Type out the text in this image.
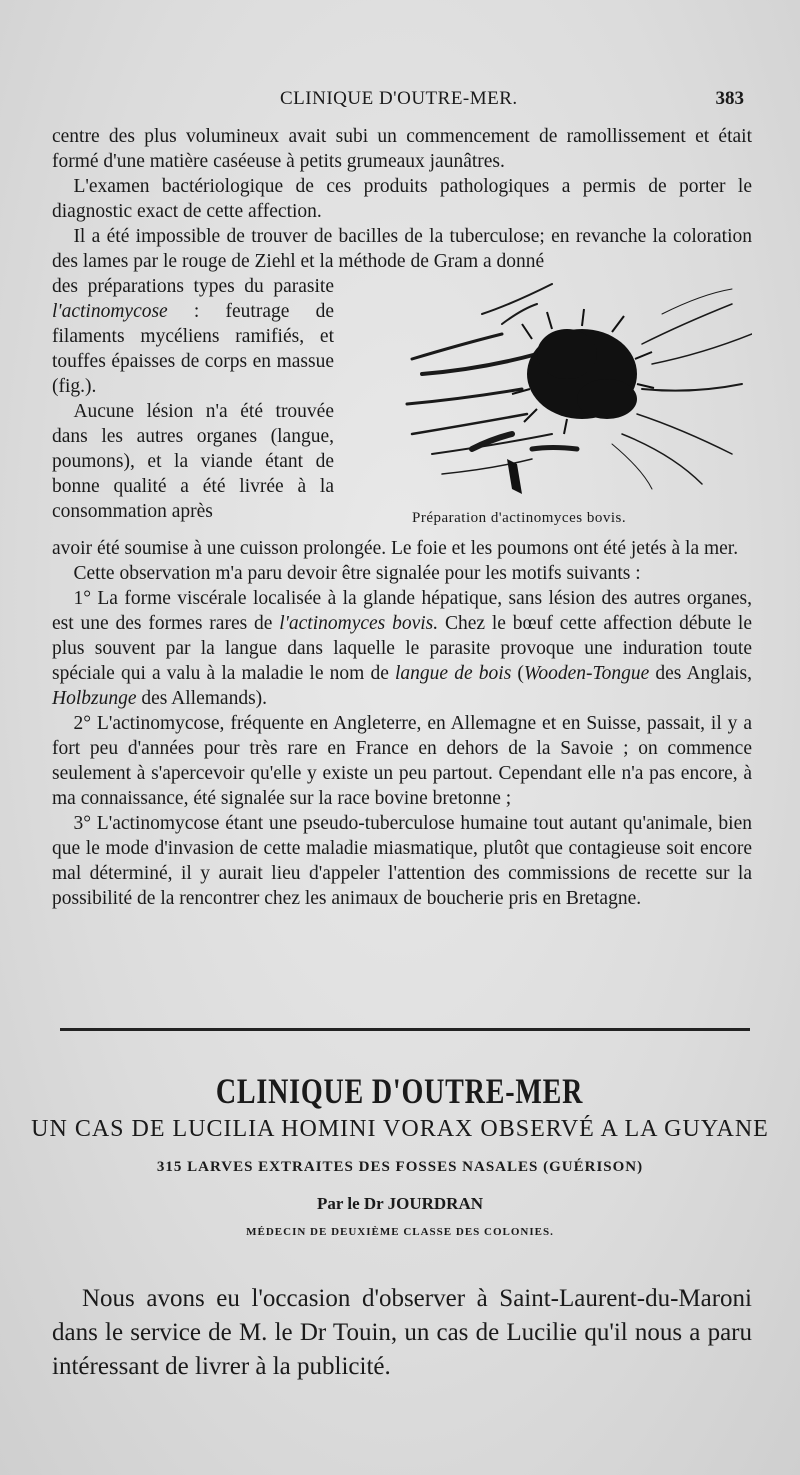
CLINIQUE D'OUTRE-MER.	383

centre des plus volumineux avait subi un commencement de ramollissement et était formé d'une matière caséeuse à petits grumeaux jaunâtres.

L'examen bactériologique de ces produits pathologiques a permis de porter le diagnostic exact de cette affection.

Il a été impossible de trouver de bacilles de la tuberculose; en revanche la coloration des lames par le rouge de Ziehl et la méthode de Gram a donné

des préparations types du parasite l'actinomycose : feutrage de filaments mycéliens ramifiés, et touffes épaisses de corps en massue (fig.).
Aucune lésion n'a été trouvée dans les autres organes (langue, poumons), et la viande étant de bonne qualité a été livrée à la consommation après	Préparation d'actinomyces bovis.

avoir été soumise à une cuisson prolongée. Le foie et les poumons ont été jetés à la mer.

Cette observation m'a paru devoir être signalée pour les motifs suivants :

1° La forme viscérale localisée à la glande hépatique, sans lésion des autres organes, est une des formes rares de l'actinomyces bovis. Chez le bœuf cette affection débute le plus souvent par la langue dans laquelle le parasite provoque une induration toute spéciale qui a valu à la maladie le nom de langue de bois (Wooden-Tongue des Anglais, Holbzunge des Allemands).

2° L'actinomycose, fréquente en Angleterre, en Allemagne et en Suisse, passait, il y a fort peu d'années pour très rare en France en dehors de la Savoie ; on commence seulement à s'apercevoir qu'elle y existe un peu partout. Cependant elle n'a pas encore, à ma connaissance, été signalée sur la race bovine bretonne ;

3° L'actinomycose étant une pseudo-tuberculose humaine tout autant qu'animale, bien que le mode d'invasion de cette maladie miasmatique, plutôt que contagieuse soit encore mal déterminé, il y aurait lieu d'appeler l'attention des commissions de recette sur la possibilité de la rencontrer chez les animaux de boucherie pris en Bretagne.

CLINIQUE D'OUTRE-MER
UN CAS DE LUCILIA HOMINI VORAX OBSERVÉ A LA GUYANE
315 LARVES EXTRAITES DES FOSSES NASALES (GUÉRISON)
Par le Dr JOURDRAN
MÉDECIN DE DEUXIÈME CLASSE DES COLONIES.
Nous avons eu l'occasion d'observer à Saint-Laurent-du-Maroni dans le service de M. le Dr Touin, un cas de Lucilie qu'il nous a paru intéressant de livrer à la publicité.
